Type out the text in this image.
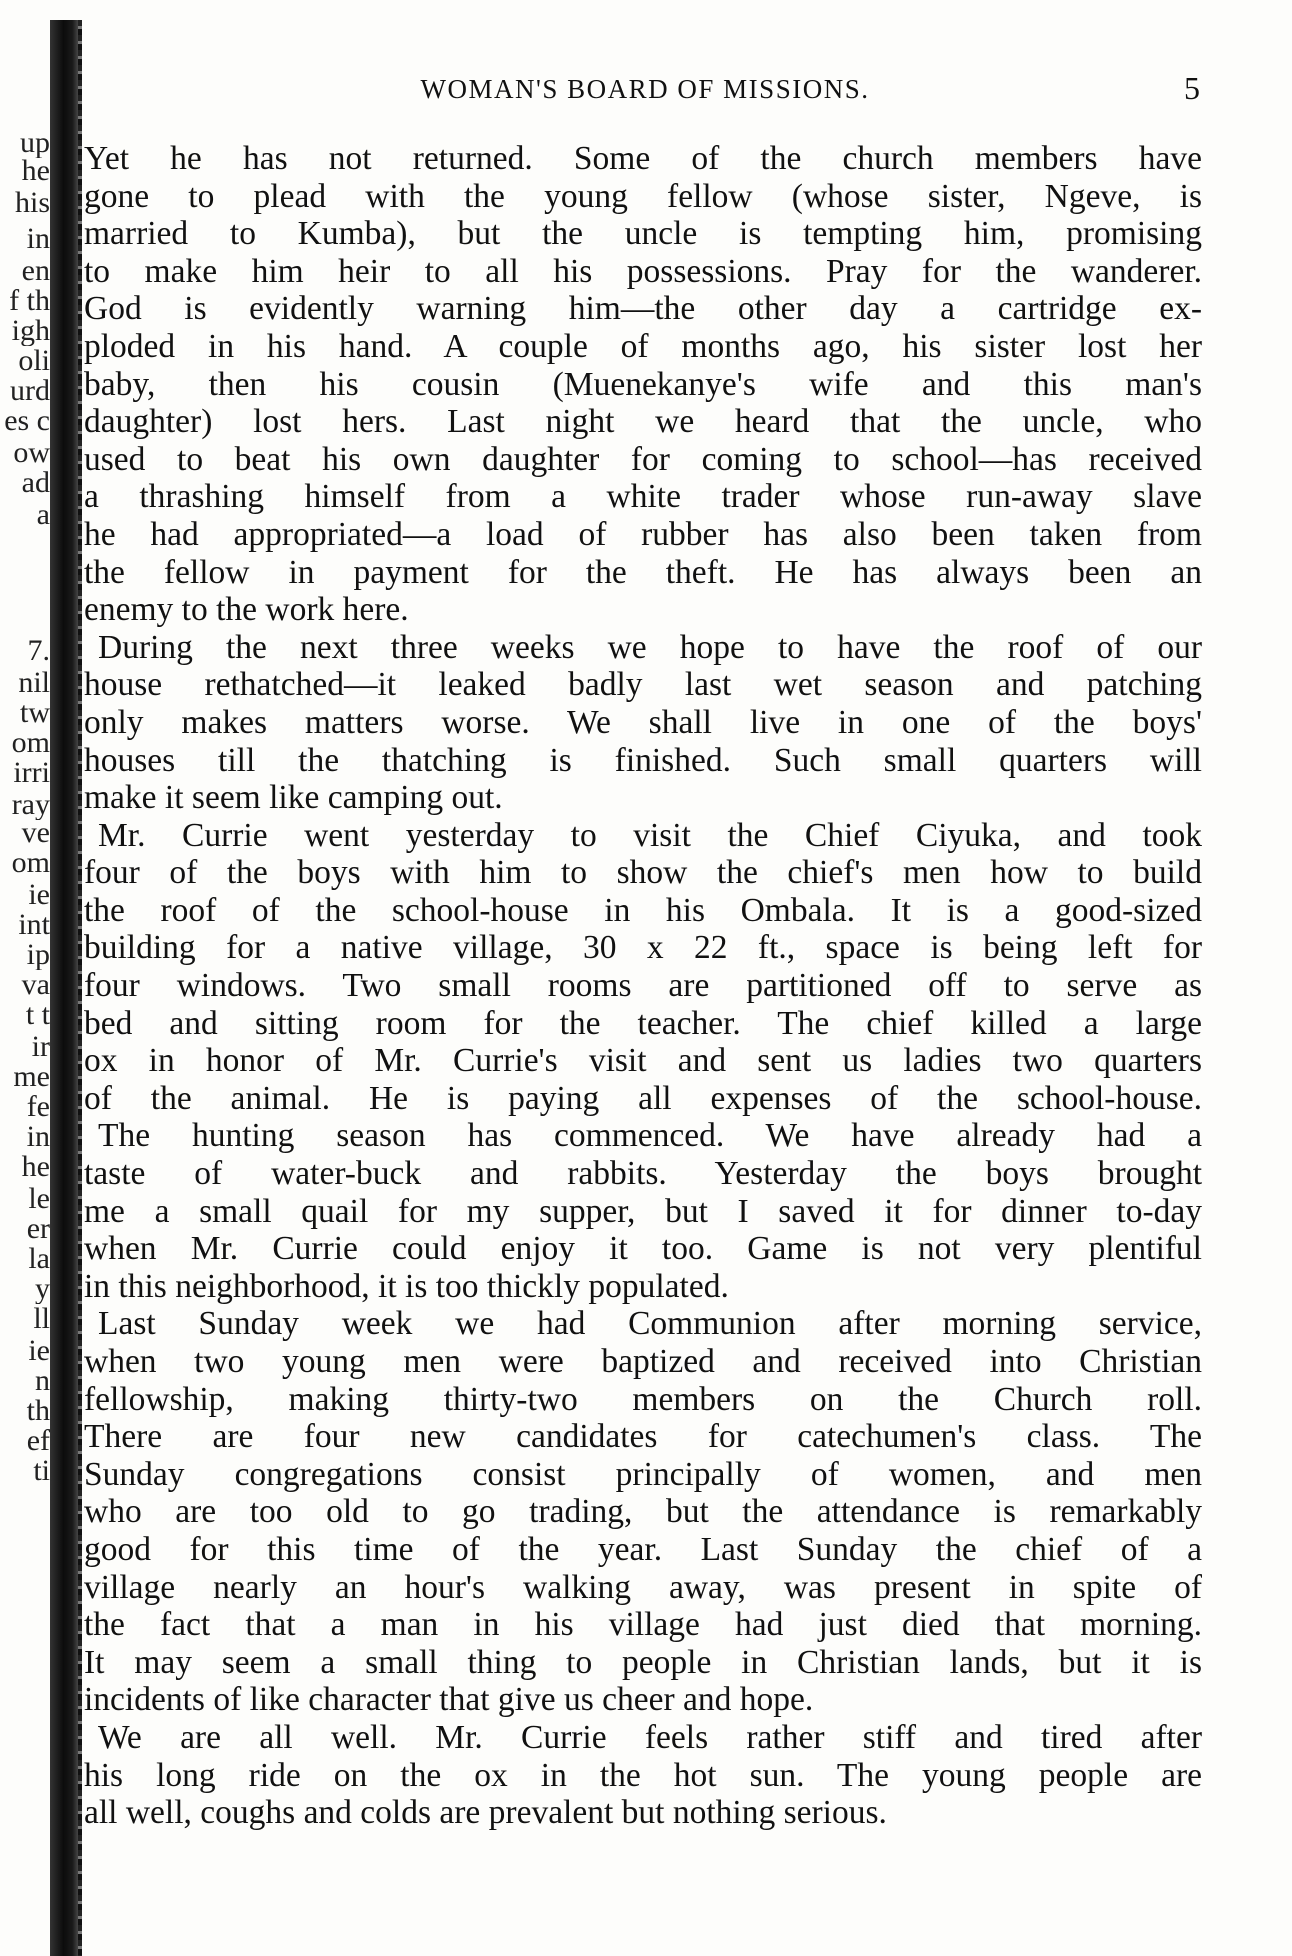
up
he
his
in
en
f th
igh
oli
urd
es c
ow
ad
a
7.
nil
tw
om
irri
ray
ve
om
ie
int
ip
va
t t
ir
me
fe
in
he
le
er
la
y
ll
ie
n
th
ef
ti
WOMAN'S BOARD OF MISSIONS.	5
Yet he has not returned. Some of the church members have
gone to plead with the young fellow (whose sister, Ngeve, is
married to Kumba), but the uncle is tempting him, promising
to make him heir to all his possessions. Pray for the wanderer.
God is evidently warning him—the other day a cartridge ex-
ploded in his hand. A couple of months ago, his sister lost her
baby, then his cousin (Muenekanye's wife and this man's
daughter) lost hers. Last night we heard that the uncle, who
used to beat his own daughter for coming to school—has received
a thrashing himself from a white trader whose run-away slave
he had appropriated—a load of rubber has also been taken from
the fellow in payment for the theft. He has always been an
enemy to the work here.
During the next three weeks we hope to have the roof of our
house rethatched—it leaked badly last wet season and patching
only makes matters worse. We shall live in one of the boys'
houses till the thatching is finished. Such small quarters will
make it seem like camping out.
Mr. Currie went yesterday to visit the Chief Ciyuka, and took
four of the boys with him to show the chief's men how to build
the roof of the school-house in his Ombala. It is a good-sized
building for a native village, 30 x 22 ft., space is being left for
four windows. Two small rooms are partitioned off to serve as
bed and sitting room for the teacher. The chief killed a large
ox in honor of Mr. Currie's visit and sent us ladies two quarters
of the animal. He is paying all expenses of the school-house.
The hunting season has commenced. We have already had a
taste of water-buck and rabbits. Yesterday the boys brought
me a small quail for my supper, but I saved it for dinner to-day
when Mr. Currie could enjoy it too. Game is not very plentiful
in this neighborhood, it is too thickly populated.
Last Sunday week we had Communion after morning service,
when two young men were baptized and received into Christian
fellowship, making thirty-two members on the Church roll.
There are four new candidates for catechumen's class. The
Sunday congregations consist principally of women, and men
who are too old to go trading, but the attendance is remarkably
good for this time of the year. Last Sunday the chief of a
village nearly an hour's walking away, was present in spite of
the fact that a man in his village had just died that morning.
It may seem a small thing to people in Christian lands, but it is
incidents of like character that give us cheer and hope.
We are all well. Mr. Currie feels rather stiff and tired after
his long ride on the ox in the hot sun. The young people are
all well, coughs and colds are prevalent but nothing serious.
